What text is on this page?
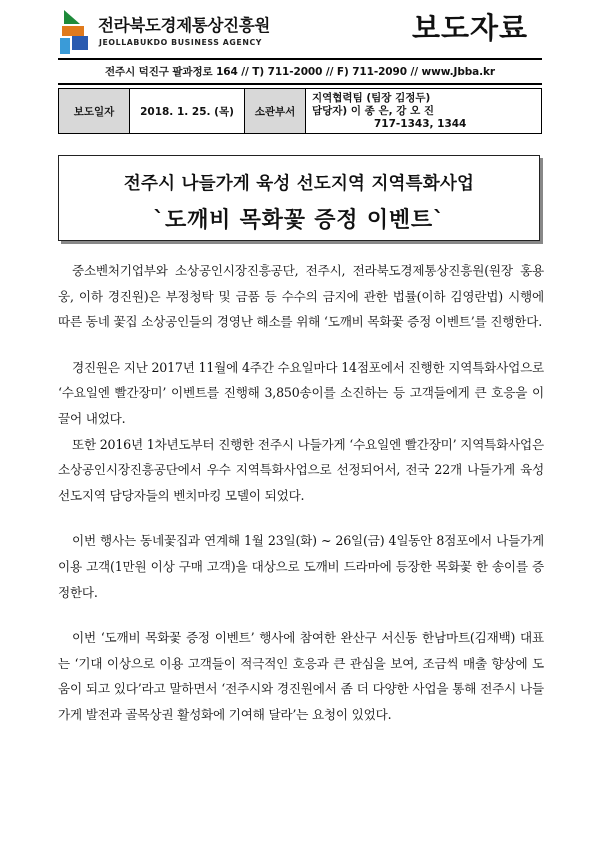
전라북도경제통상진흥원
JEOLLABUKDO BUSINESS AGENCY	보도자료
전주시 덕진구 팔과정로 164 // T) 711-2000 // F) 711-2090 // www.Jbba.kr
보도일자	2018. 1. 25. (목)	소관부서	지역협력팀 (팀장 김정두)
담당자) 이 종 은, 강 오 진
717-1343, 1344
전주시 나들가게 육성 선도지역 지역특화사업
`도깨비 목화꽃 증정 이벤트`

중소벤처기업부와 소상공인시장진흥공단, 전주시, 전라북도경제통상진흥원(원장 홍용웅, 이하 경진원)은 부정청탁 및 금품 등 수수의 금지에 관한 법률(이하 김영란법) 시행에 따른 동네 꽃집 소상공인들의 경영난 해소를 위해 ‘도깨비 목화꽃 증정 이벤트’를 진행한다.

경진원은 지난 2017년 11월에 4주간 수요일마다 14점포에서 진행한 지역특화사업으로 ‘수요일엔 빨간장미’ 이벤트를 진행해 3,850송이를 소진하는 등 고객들에게 큰 호응을 이끌어 내었다.

또한 2016년 1차년도부터 진행한 전주시 나들가게 ‘수요일엔 빨간장미’ 지역특화사업은 소상공인시장진흥공단에서 우수 지역특화사업으로 선정되어서, 전국 22개 나들가게 육성 선도지역 담당자들의 벤치마킹 모델이 되었다.

이번 행사는 동네꽃집과 연계해 1월 23일(화) ~ 26일(금) 4일동안 8점포에서 나들가게 이용 고객(1만원 이상 구매 고객)을 대상으로 도깨비 드라마에 등장한 목화꽃 한 송이를 증정한다.

이번 ‘도깨비 목화꽃 증정 이벤트’ 행사에 참여한 완산구 서신동 한남마트(김재백) 대표는 ‘기대 이상으로 이용 고객들이 적극적인 호응과 큰 관심을 보여, 조금씩 매출 향상에 도움이 되고 있다’라고 말하면서 ‘전주시와 경진원에서 좀 더 다양한 사업을 통해 전주시 나들가게 발전과 골목상권 활성화에 기여해 달라’는 요청이 있었다.
